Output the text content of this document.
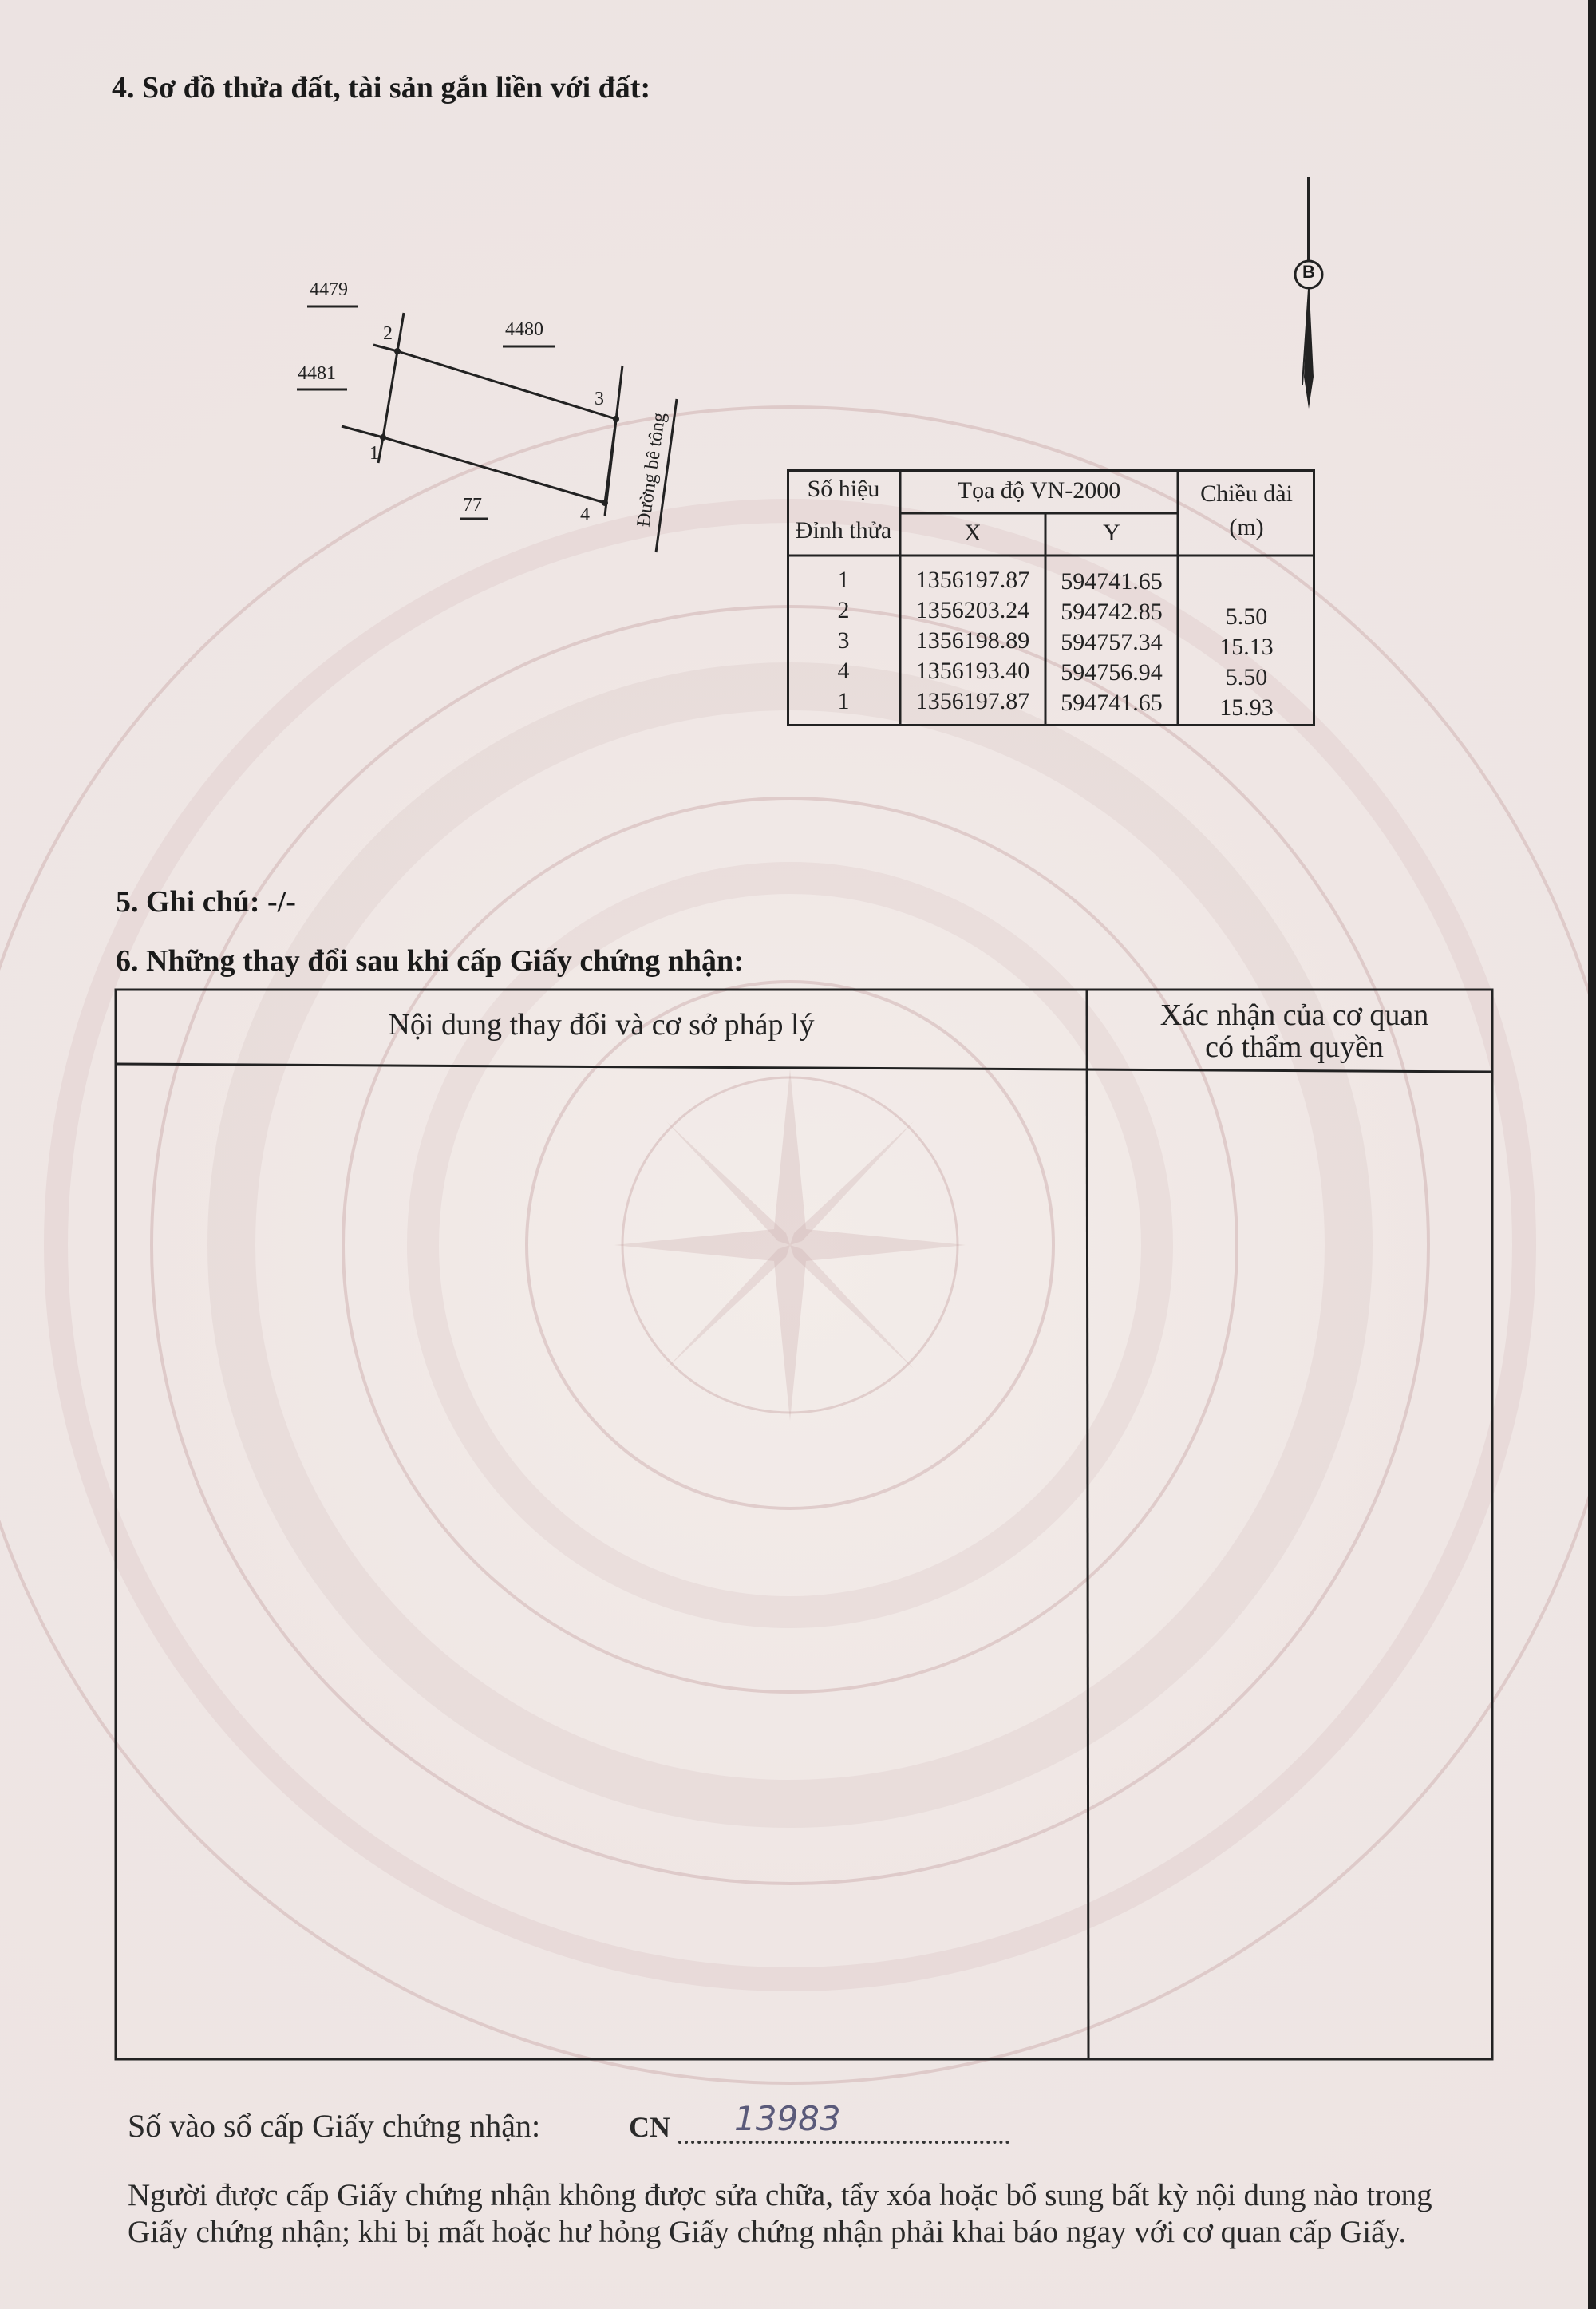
4. Sơ đồ thửa đất, tài sản gắn liền với đất:
4479
4480
4481
77
1
2
3
4 Đường bê tông
B
Số hiệu
Đỉnh thửa
Tọa độ VN-2000
X	Y
Chiều dài
(m)
1	1356197.87	594741.65
2	1356203.24	594742.85	5.50
3	1356198.89	594757.34	15.13
4	1356193.40	594756.94	5.50
1	1356197.87	594741.65	15.93
5. Ghi chú: -/-
6. Những thay đổi sau khi cấp Giấy chứng nhận:
Nội dung thay đổi và cơ sở pháp lý	Xác nhận của cơ quan
có thẩm quyền
Số vào sổ cấp Giấy chứng nhận:	CN 13983
Người được cấp Giấy chứng nhận không được sửa chữa, tẩy xóa hoặc bổ sung bất kỳ nội dung nào trong
Giấy chứng nhận; khi bị mất hoặc hư hỏng Giấy chứng nhận phải khai báo ngay với cơ quan cấp Giấy.
